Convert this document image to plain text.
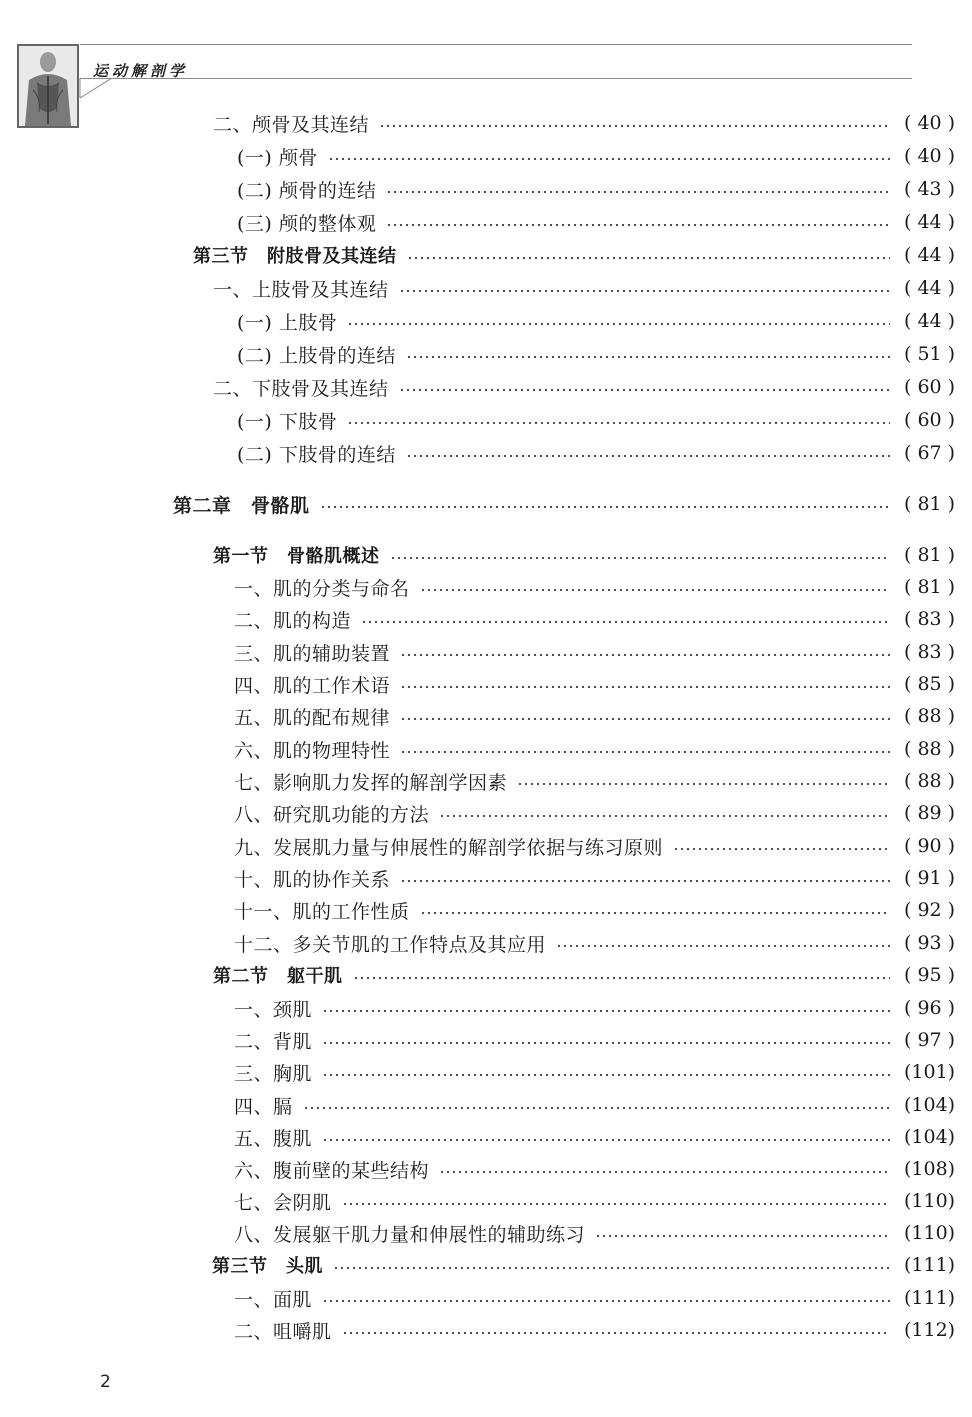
运动解剖学
二、颅骨及其连结	( 40 )
(一) 颅骨	( 40 )
(二) 颅骨的连结	( 43 )
(三) 颅的整体观	( 44 )
第三节　附肢骨及其连结	( 44 )
一、上肢骨及其连结	( 44 )
(一) 上肢骨	( 44 )
(二) 上肢骨的连结	( 51 )
二、下肢骨及其连结	( 60 )
(一) 下肢骨	( 60 )
(二) 下肢骨的连结	( 67 )
第二章　骨骼肌	( 81 )
第一节　骨骼肌概述	( 81 )
一、肌的分类与命名	( 81 )
二、肌的构造	( 83 )
三、肌的辅助装置	( 83 )
四、肌的工作术语	( 85 )
五、肌的配布规律	( 88 )
六、肌的物理特性	( 88 )
七、影响肌力发挥的解剖学因素	( 88 )
八、研究肌功能的方法	( 89 )
九、发展肌力量与伸展性的解剖学依据与练习原则	( 90 )
十、肌的协作关系	( 91 )
十一、肌的工作性质	( 92 )
十二、多关节肌的工作特点及其应用	( 93 )
第二节　躯干肌	( 95 )
一、颈肌	( 96 )
二、背肌	( 97 )
三、胸肌	(101)
四、膈	(104)
五、腹肌	(104)
六、腹前壁的某些结构	(108)
七、会阴肌	(110)
八、发展躯干肌力量和伸展性的辅助练习	(110)
第三节　头肌	(111)
一、面肌	(111)
二、咀嚼肌	(112)
2
